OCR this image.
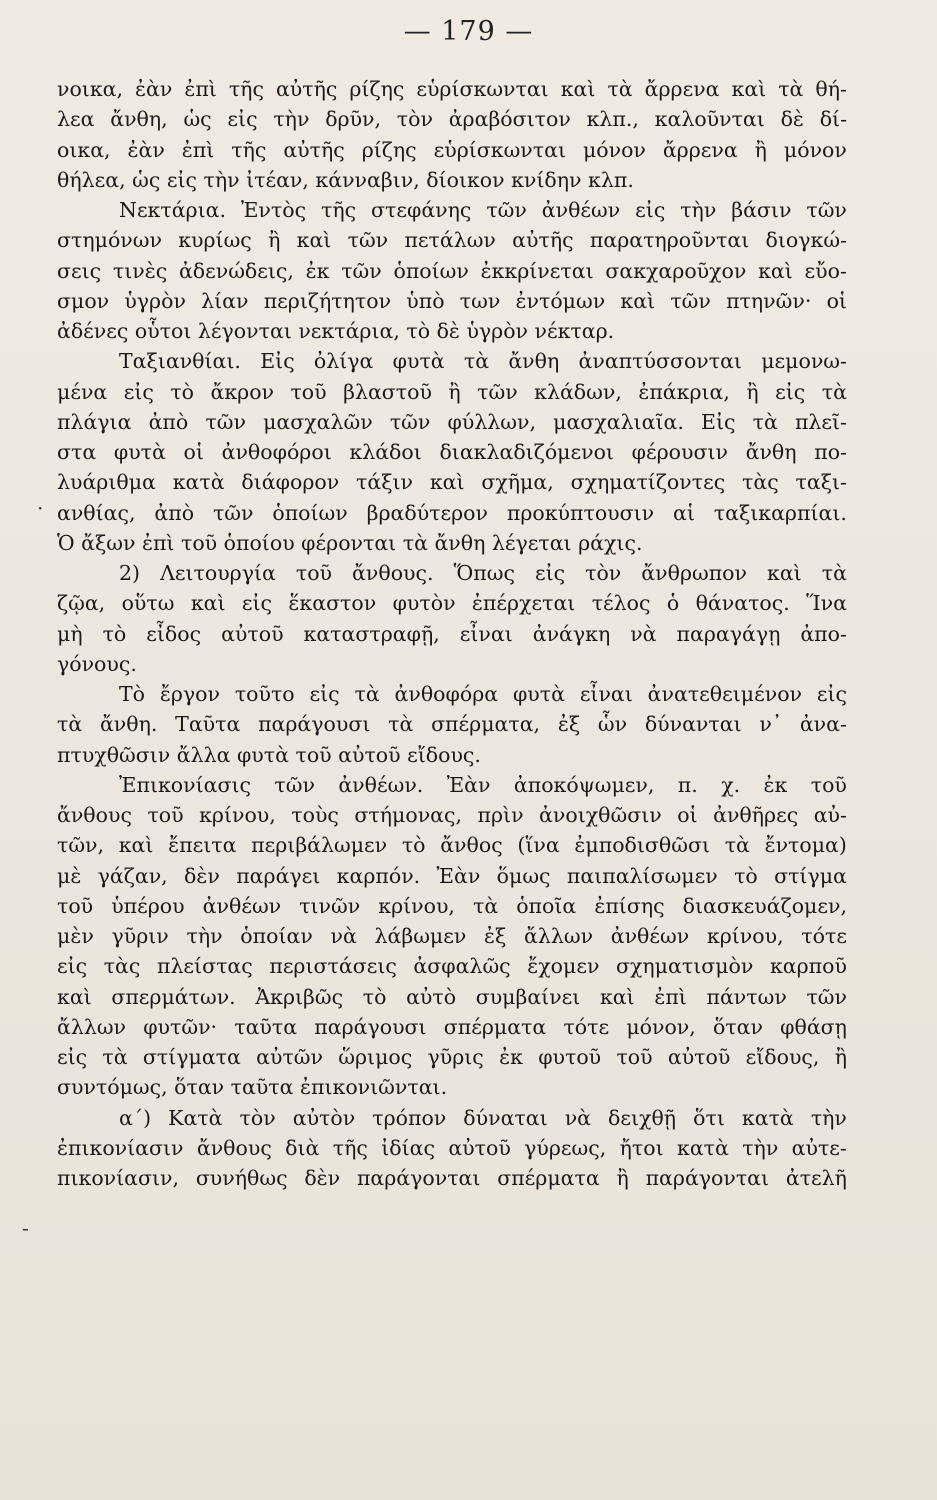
— 179 —
·
-
νοικα, ἐὰν ἐπὶ τῆς αὐτῆς ρίζης εὑρίσκωνται καὶ τὰ ἄρρενα καὶ τὰ θή-
λεα ἄνθη, ὡς εἰς τὴν δρῦν, τὸν ἀραβόσιτον κλπ., καλοῦνται δὲ δί-
οικα, ἐὰν ἐπὶ τῆς αὐτῆς ρίζης εὑρίσκωνται μόνον ἄρρενα ἢ μόνον
θήλεα, ὡς εἰς τὴν ἰτέαν, κάνναβιν, δίοικον κνίδην κλπ.
Νεκτάρια. Ἐντὸς τῆς στεφάνης τῶν ἀνθέων εἰς τὴν βάσιν τῶν
στημόνων κυρίως ἢ καὶ τῶν πετάλων αὐτῆς παρατηροῦνται διογκώ-
σεις τινὲς ἀδενώδεις, ἐκ τῶν ὁποίων ἐκκρίνεται σακχαροῦχον καὶ εὔο-
σμον ὑγρὸν λίαν περιζήτητον ὑπὸ των ἐντόμων καὶ τῶν πτηνῶν· οἱ
ἀδένες οὗτοι λέγονται νεκτάρια, τὸ δὲ ὑγρὸν νέκταρ.
Ταξιανθίαι. Εἰς ὀλίγα φυτὰ τὰ ἄνθη ἀναπτύσσονται μεμονω-
μένα εἰς τὸ ἄκρον τοῦ βλαστοῦ ἢ τῶν κλάδων, ἐπάκρια, ἢ εἰς τὰ
πλάγια ἀπὸ τῶν μασχαλῶν τῶν φύλλων, μασχαλιαῖα. Εἰς τὰ πλεῖ-
στα φυτὰ οἱ ἀνθοφόροι κλάδοι διακλαδιζόμενοι φέρουσιν ἄνθη πο-
λυάριθμα κατὰ διάφορον τάξιν καὶ σχῆμα, σχηματίζοντες τὰς ταξι-
ανθίας, ἀπὸ τῶν ὁποίων βραδύτερον προκύπτουσιν αἱ ταξικαρπίαι.
Ὁ ἄξων ἐπὶ τοῦ ὁποίου φέρονται τὰ ἄνθη λέγεται ράχις.
2) Λειτουργία τοῦ ἄνθους. Ὅπως εἰς τὸν ἄνθρωπον καὶ τὰ
ζῷα, οὕτω καὶ εἰς ἕκαστον φυτὸν ἐπέρχεται τέλος ὁ θάνατος. Ἵνα
μὴ τὸ εἶδος αὐτοῦ καταστραφῇ, εἶναι ἀνάγκη νὰ παραγάγῃ ἀπο-
γόνους.
Τὸ ἔργον τοῦτο εἰς τὰ ἀνθοφόρα φυτὰ εἶναι ἀνατεθειμένον εἰς
τὰ ἄνθη. Ταῦτα παράγουσι τὰ σπέρματα, ἐξ ὧν δύνανται ν᾽ ἀνα-
πτυχθῶσιν ἄλλα φυτὰ τοῦ αὐτοῦ εἴδους.
Ἐπικονίασις τῶν ἀνθέων. Ἐὰν ἀποκόψωμεν, π. χ. ἐκ τοῦ
ἄνθους τοῦ κρίνου, τοὺς στήμονας, πρὶν ἀνοιχθῶσιν οἱ ἀνθῆρες αὐ-
τῶν, καὶ ἔπειτα περιβάλωμεν τὸ ἄνθος (ἵνα ἐμποδισθῶσι τὰ ἔντομα)
μὲ γάζαν, δὲν παράγει καρπόν. Ἐὰν ὅμως παιπαλίσωμεν τὸ στίγμα
τοῦ ὑπέρου ἀνθέων τινῶν κρίνου, τὰ ὁποῖα ἐπίσης διασκευάζομεν,
μὲν γῦριν τὴν ὁποίαν νὰ λάβωμεν ἐξ ἄλλων ἀνθέων κρίνου, τότε
εἰς τὰς πλείστας περιστάσεις ἀσφαλῶς ἔχομεν σχηματισμὸν καρποῦ
καὶ σπερμάτων. Ἀκριβῶς τὸ αὐτὸ συμβαίνει καὶ ἐπὶ πάντων τῶν
ἄλλων φυτῶν· ταῦτα παράγουσι σπέρματα τότε μόνον, ὅταν φθάσῃ
εἰς τὰ στίγματα αὐτῶν ὥριμος γῦρις ἐκ φυτοῦ τοῦ αὐτοῦ εἴδους, ἢ
συντόμως, ὅταν ταῦτα ἐπικονιῶνται.
α΄) Κατὰ τὸν αὐτὸν τρόπον δύναται νὰ δειχθῇ ὅτι κατὰ τὴν
ἐπικονίασιν ἄνθους διὰ τῆς ἰδίας αὐτοῦ γύρεως, ἤτοι κατὰ τὴν αὐτε-
πικονίασιν, συνήθως δὲν παράγονται σπέρματα ἢ παράγονται ἀτελῆ
